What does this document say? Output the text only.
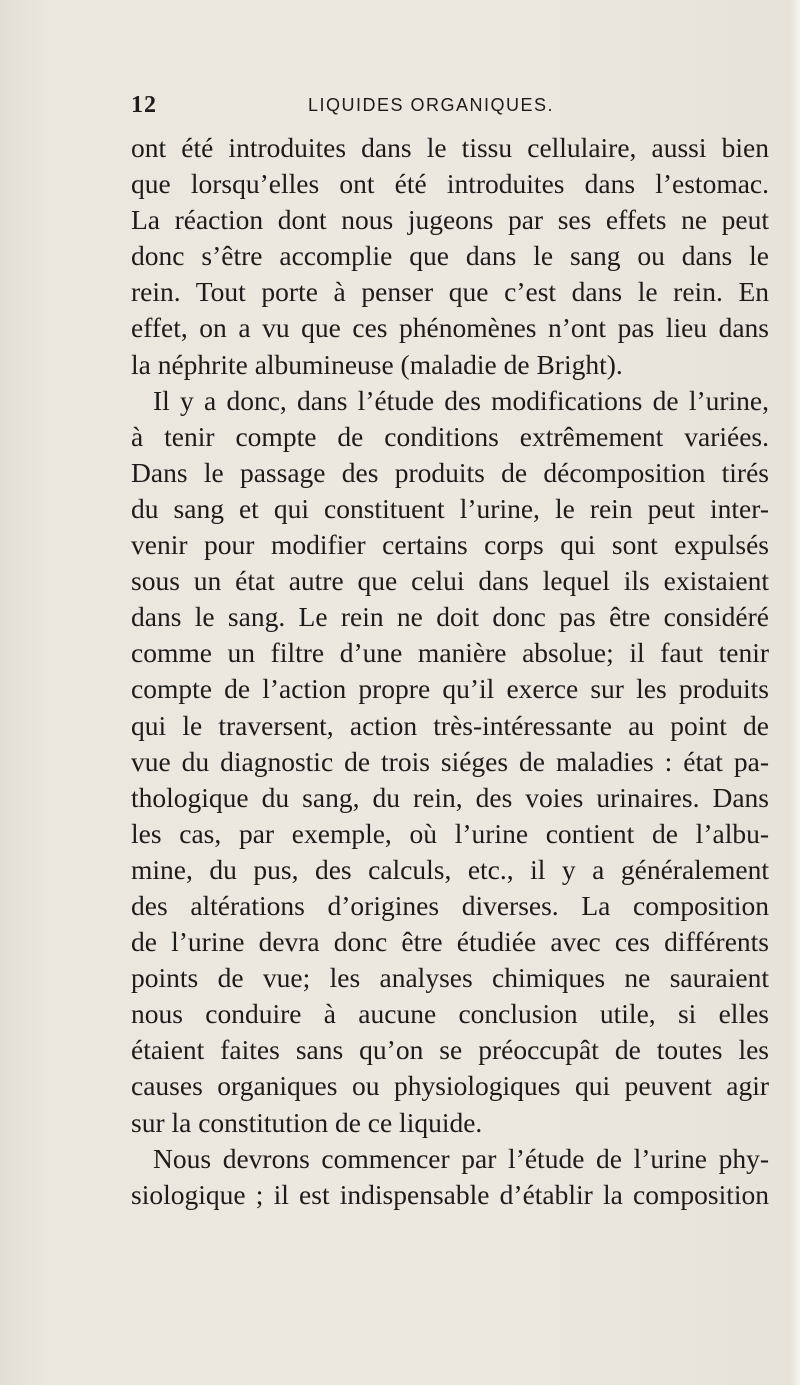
12	LIQUIDES ORGANIQUES.
ont été introduites dans le tissu cellulaire, aussi bien
que lorsqu’elles ont été introduites dans l’estomac.
La réaction dont nous jugeons par ses effets ne peut
donc s’être accomplie que dans le sang ou dans le
rein. Tout porte à penser que c’est dans le rein. En
effet, on a vu que ces phénomènes n’ont pas lieu dans
la néphrite albumineuse (maladie de Bright).
Il y a donc, dans l’étude des modifications de l’urine,
à tenir compte de conditions extrêmement variées.
Dans le passage des produits de décomposition tirés
du sang et qui constituent l’urine, le rein peut inter-
venir pour modifier certains corps qui sont expulsés
sous un état autre que celui dans lequel ils existaient
dans le sang. Le rein ne doit donc pas être considéré
comme un filtre d’une manière absolue; il faut tenir
compte de l’action propre qu’il exerce sur les produits
qui le traversent, action très-intéressante au point de
vue du diagnostic de trois siéges de maladies : état pa-
thologique du sang, du rein, des voies urinaires. Dans
les cas, par exemple, où l’urine contient de l’albu-
mine, du pus, des calculs, etc., il y a généralement
des altérations d’origines diverses. La composition
de l’urine devra donc être étudiée avec ces différents
points de vue; les analyses chimiques ne sauraient
nous conduire à aucune conclusion utile, si elles
étaient faites sans qu’on se préoccupât de toutes les
causes organiques ou physiologiques qui peuvent agir
sur la constitution de ce liquide.
Nous devrons commencer par l’étude de l’urine phy-
siologique ; il est indispensable d’établir la composition
